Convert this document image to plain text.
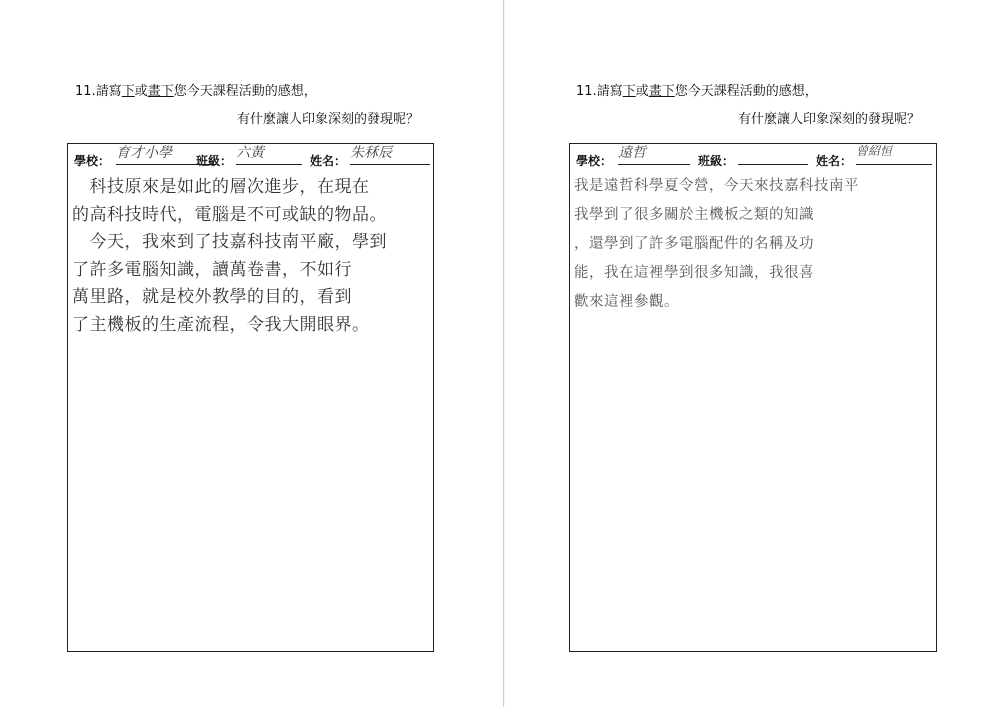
11.請寫下或畫下您今天課程活動的感想，
有什麼讓人印象深刻的發現呢？
學校： 育才小學	班級： 六黃	姓名： 朱秝辰
　科技原來是如此的層次進步，在現在
的高科技時代，電腦是不可或缺的物品。
　今天，我來到了技嘉科技南平廠，學到
了許多電腦知識，讀萬卷書，不如行
萬里路，就是校外教學的目的，看到
了主機板的生產流程，令我大開眼界。
11.請寫下或畫下您今天課程活動的感想，
有什麼讓人印象深刻的發現呢？
學校： 遠哲	班級：	姓名：
曾紹恒
我是遠哲科學夏令營，今天來技嘉科技南平
我學到了很多關於主機板之類的知識
，還學到了許多電腦配件的名稱及功
能，我在這裡學到很多知識，我很喜
歡來這裡參觀。
